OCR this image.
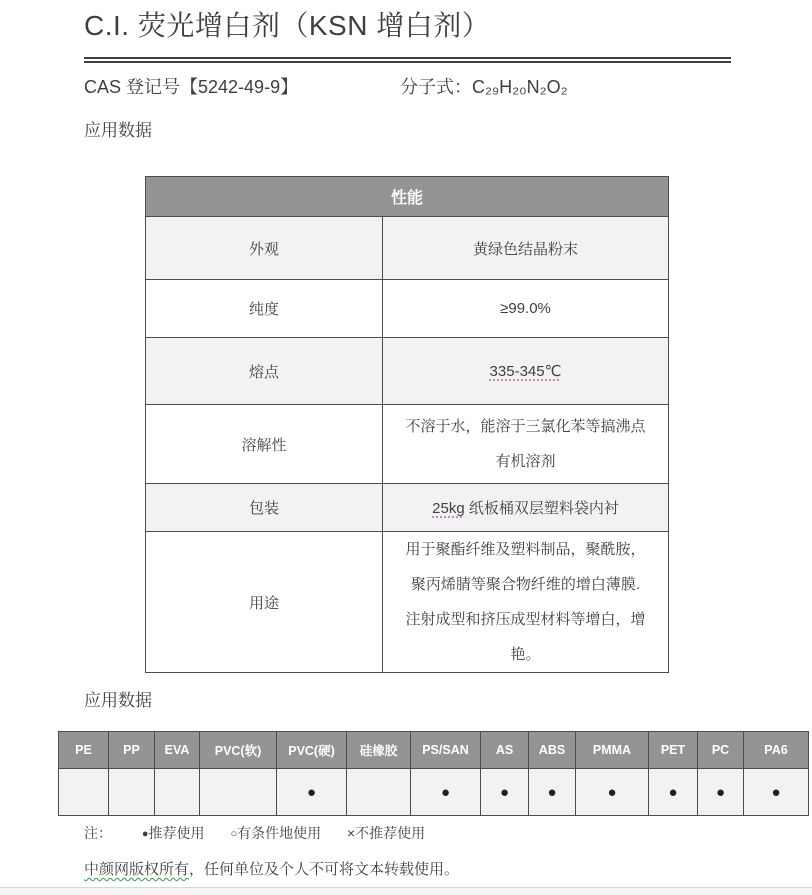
C.I. 荧光增白剂（KSN 增白剂）
CAS 登记号【5242-49-9】	分子式：C₂₉H₂₀N₂O₂
应用数据
性能	
外观	黄绿色结晶粉末
纯度	≥99.0%
熔点	335-345℃
溶解性	不溶于水，能溶于三氯化苯等搞沸点
有机溶剂

包装	25kg 纸板桶双层塑料袋内衬
用途	用于聚酯纤维及塑料制品，聚酰胺，
聚丙烯腈等聚合物纤维的增白薄膜.
注射成型和挤压成型材料等增白，增
艳。
应用数据
PE	PP	EVA	PVC(软)	PVC(硬)	硅橡胶	PS/SAN	AS	ABS	PMMA	PET	PC	PA6
				●		●	●	●	●	●	●	●
注：	●推荐使用 ○有条件地使用 ×不推荐使用
中颜网版权所有，任何单位及个人不可将文本转载使用。
